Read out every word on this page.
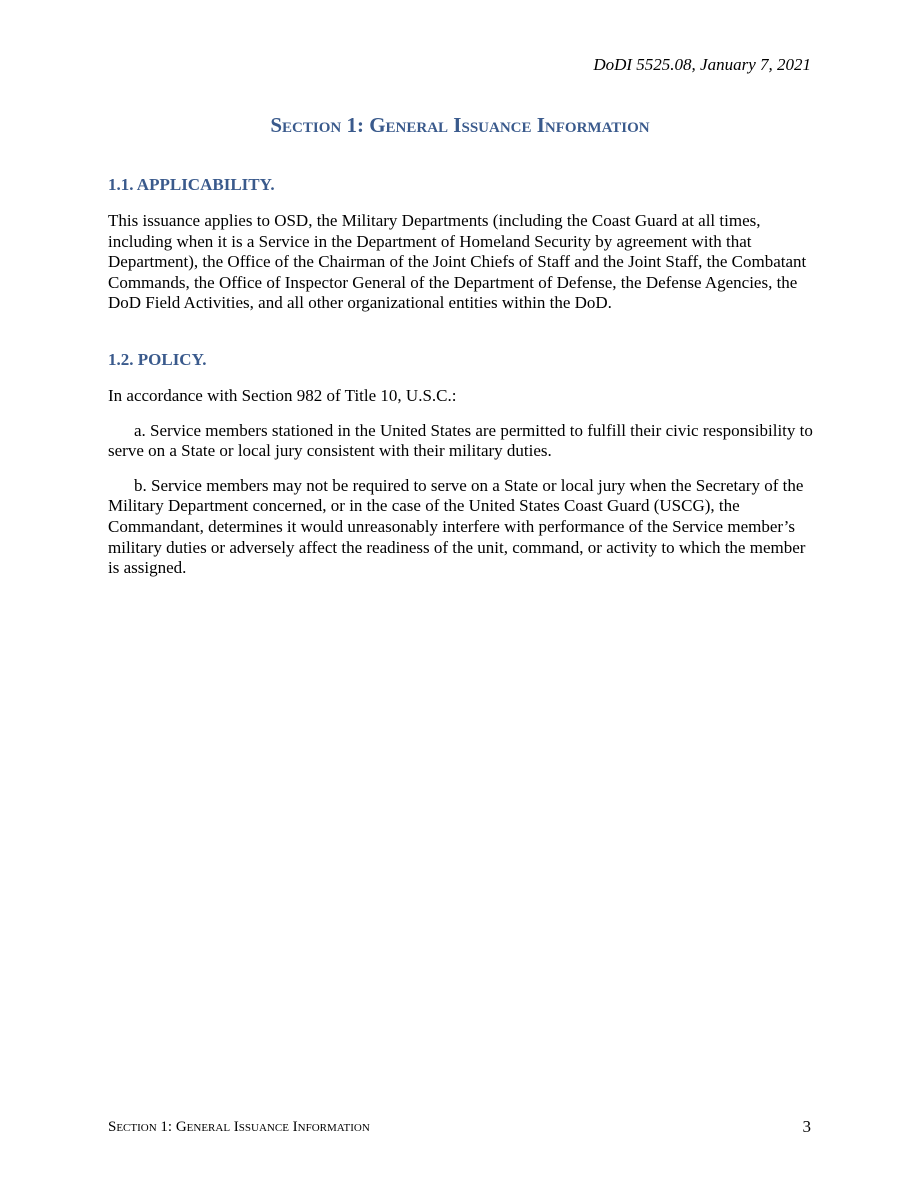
DoDI 5525.08, January 7, 2021
Section 1: General Issuance Information

1.1. APPLICABILITY.

This issuance applies to OSD, the Military Departments (including the Coast Guard at all times, including when it is a Service in the Department of Homeland Security by agreement with that Department), the Office of the Chairman of the Joint Chiefs of Staff and the Joint Staff, the Combatant Commands, the Office of Inspector General of the Department of Defense, the Defense Agencies, the DoD Field Activities, and all other organizational entities within the DoD.

1.2. POLICY.

In accordance with Section 982 of Title 10, U.S.C.:

a. Service members stationed in the United States are permitted to fulfill their civic responsibility to serve on a State or local jury consistent with their military duties.

b. Service members may not be required to serve on a State or local jury when the Secretary of the Military Department concerned, or in the case of the United States Coast Guard (USCG), the Commandant, determines it would unreasonably interfere with performance of the Service member’s military duties or adversely affect the readiness of the unit, command, or activity to which the member is assigned.

Section 1: General Issuance Information	3
